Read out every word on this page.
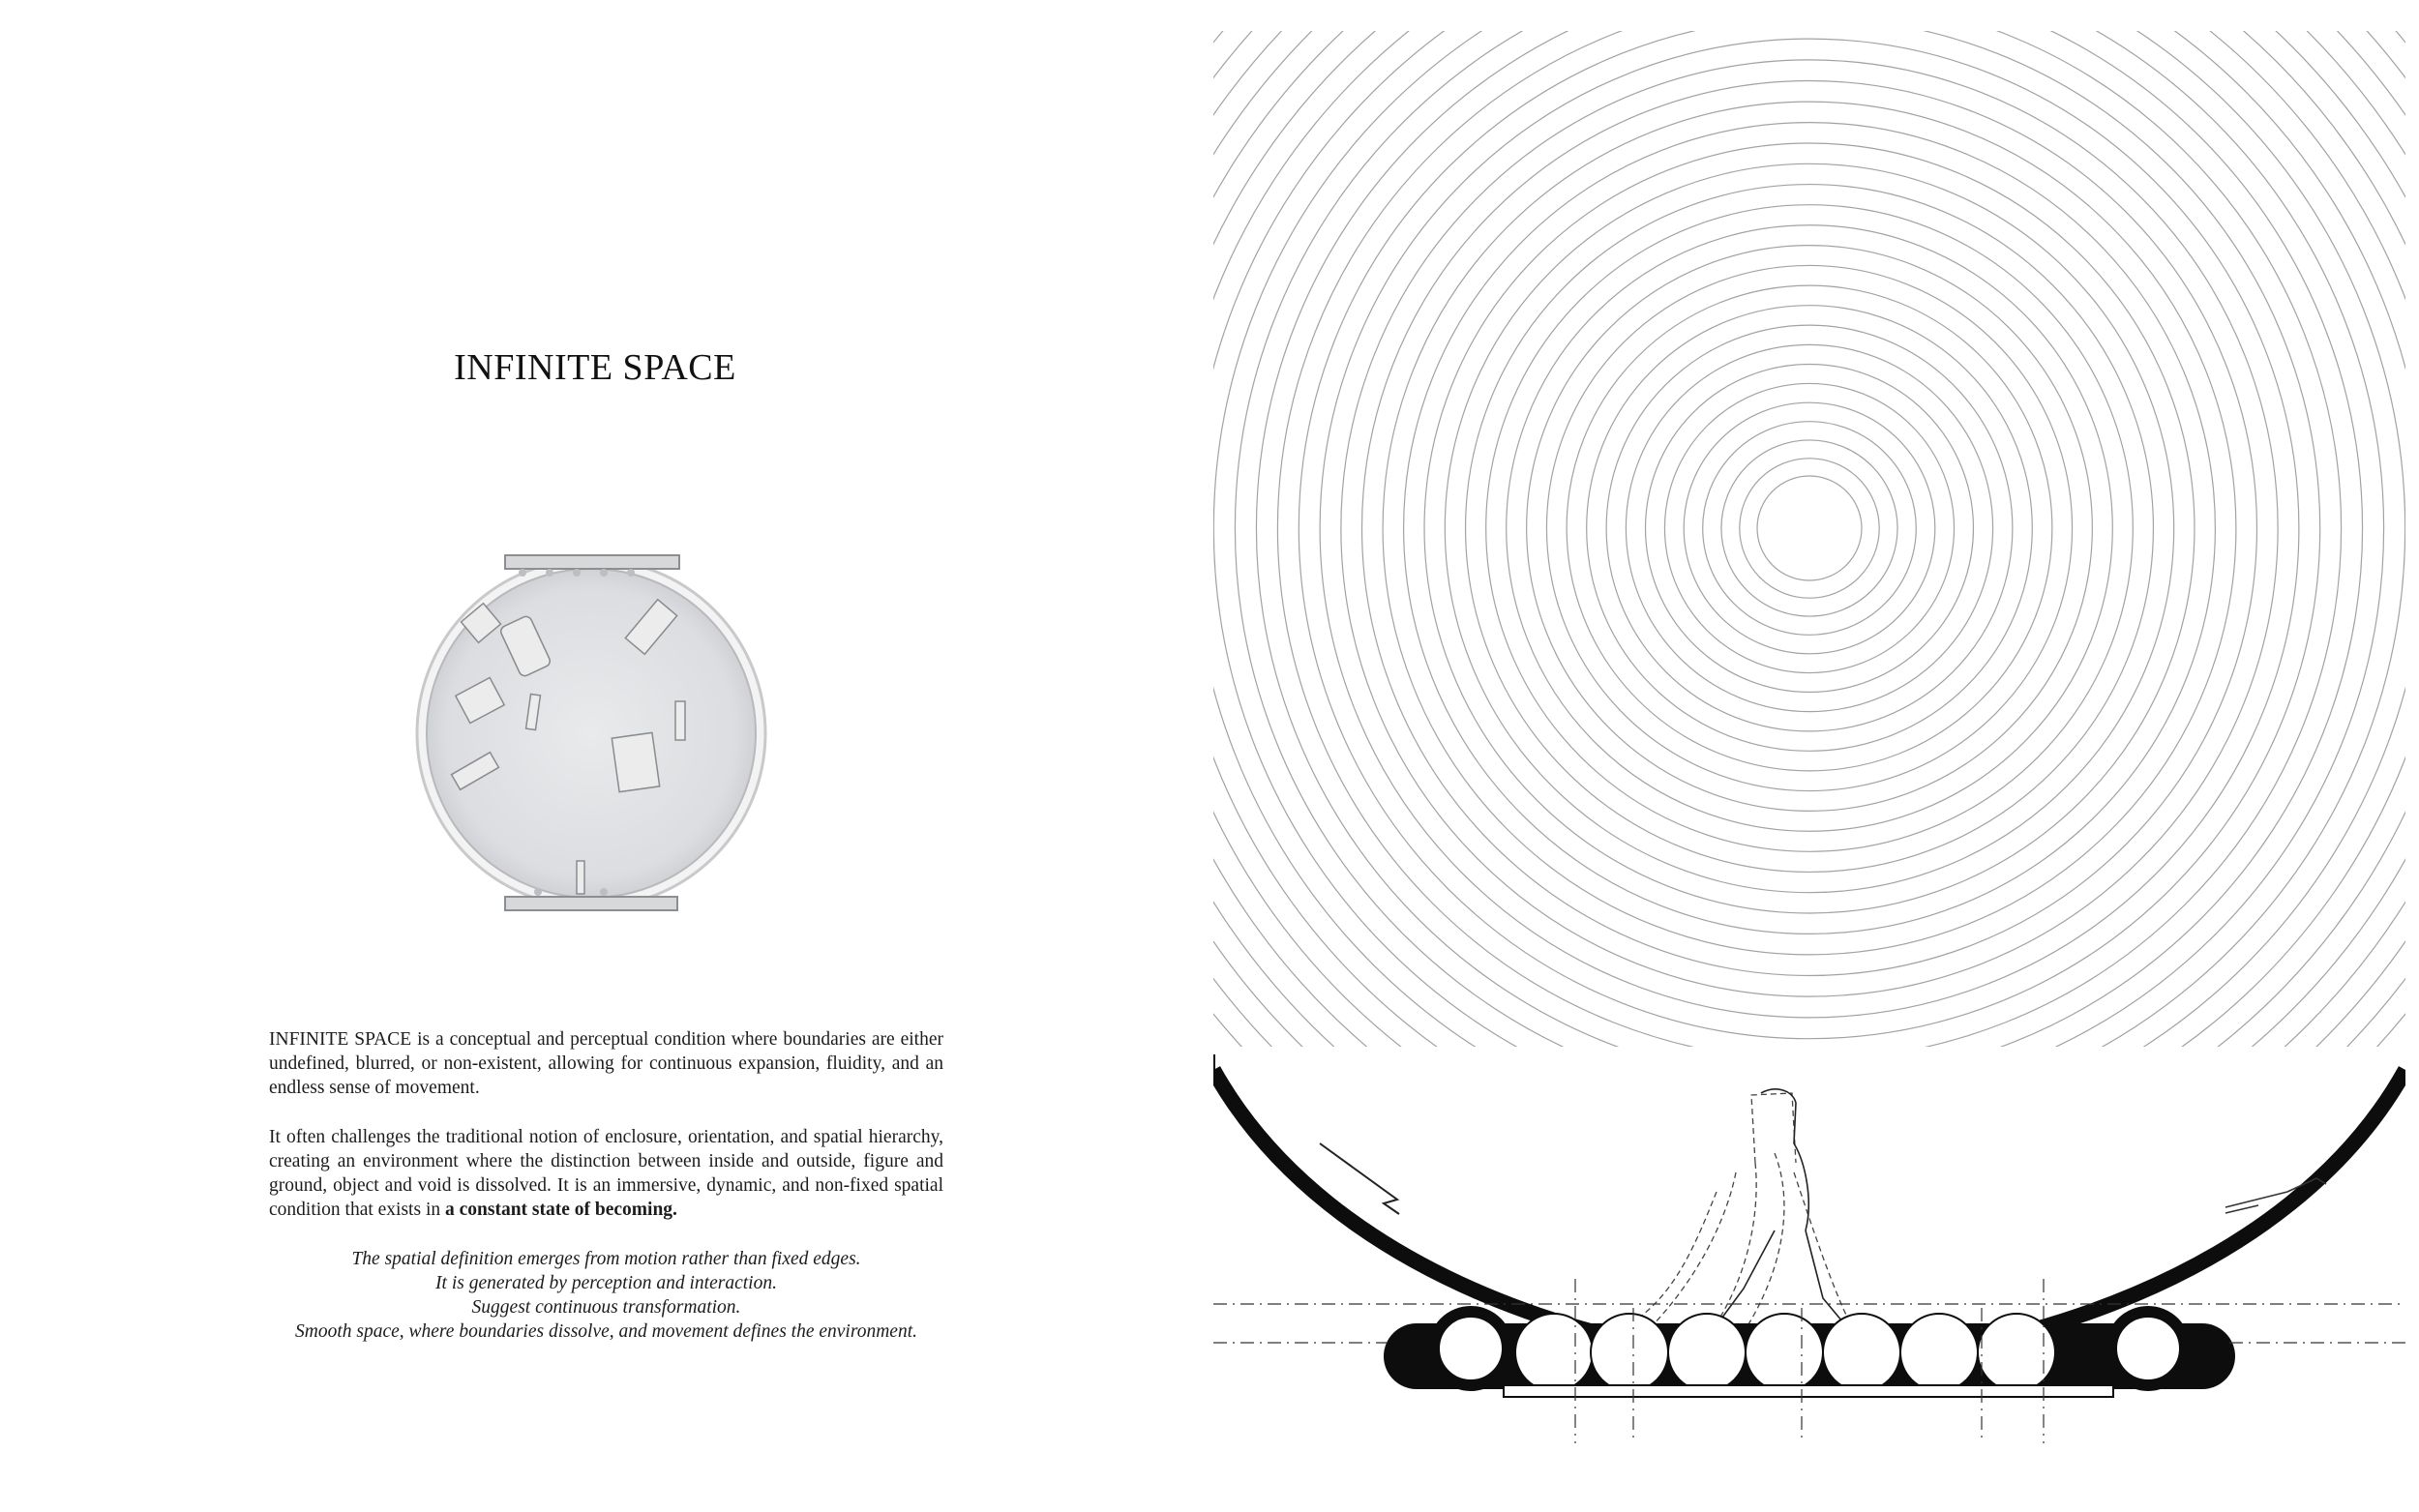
INFINITE SPACE

INFINITE SPACE is a conceptual and perceptual condition where boundaries are either undefined, blurred, or non-existent, allowing for continuous expansion, fluidity, and an endless sense of movement.

It often challenges the traditional notion of enclosure, orientation, and spatial hierarchy, creating an environment where the distinction between inside and outside, figure and ground, object and void is dissolved. It is an immersive, dynamic, and non-fixed spatial condition that exists in a constant state of becoming.

The spatial definition emerges from motion rather than fixed edges.
It is generated by perception and interaction.
Suggest continuous transformation.
Smooth space, where boundaries dissolve, and movement defines the environment.
